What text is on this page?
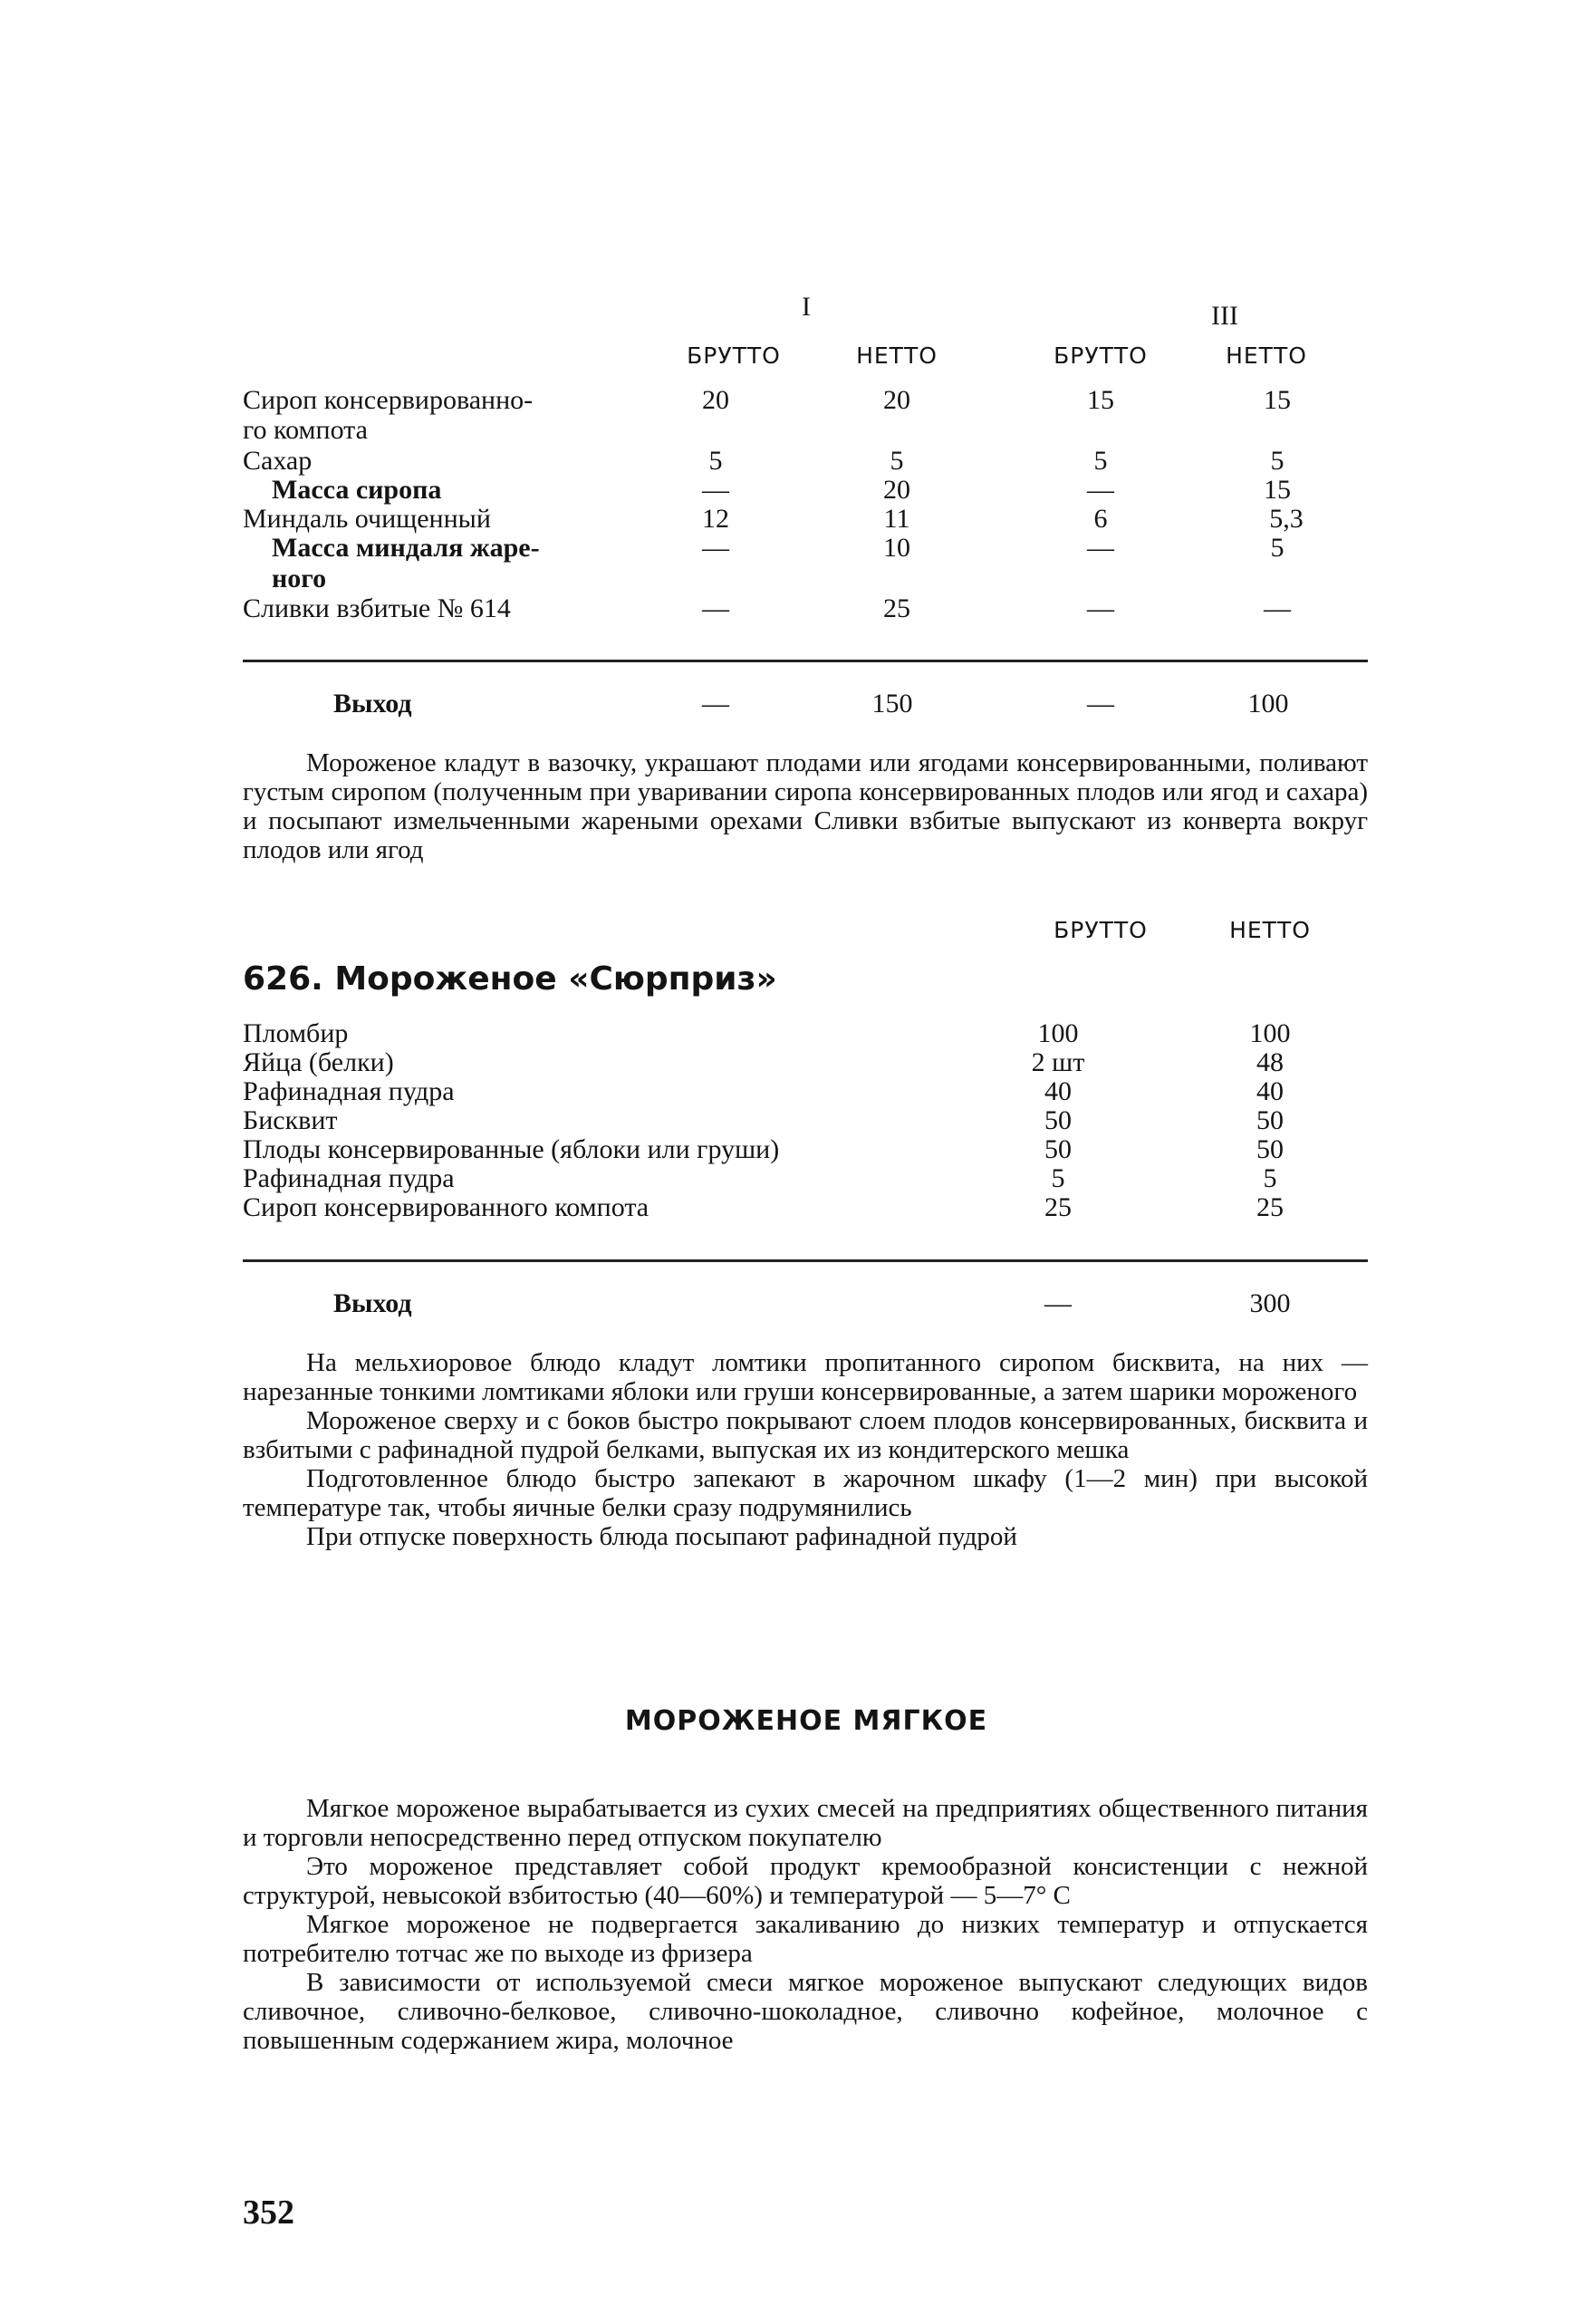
I	III
БРУТТО	НЕТТО	БРУТТО	НЕТТО
Сироп консервированно-
го компота
20	20	15	15
Сахар	5	5	5	5
Масса сиропа	—	20	—	15
Миндаль очищенный	12	11	6	5,3
Масса миндаля жаре-
ного
—	10	—	5
Сливки взбитые № 614	—	25	—	—
Выход	—	150	—	100

Мороженое кладут в вазочку, украшают плодами или ягодами консервированными, поливают густым сиропом (полученным при уваривании сиропа консервированных плодов или ягод и сахара) и посыпают измельченными жареными орехами Сливки взбитые выпускают из конверта вокруг плодов или ягод

БРУТТО	НЕТТО
626. Мороженое «Сюрприз»
Пломбир	100	100
Яйца (белки)	2 шт	48
Рафинадная пудра	40	40
Бисквит	50	50
Плоды консервированные (яблоки или груши)	50	50
Рафинадная пудра	5	5
Сироп консервированного компота	25	25
Выход	—	300

На мельхиоровое блюдо кладут ломтики пропитанного сиропом бисквита, на них — нарезанные тонкими ломтиками яблоки или груши консервированные, а затем шарики мороженого

Мороженое сверху и с боков быстро покрывают слоем плодов консервированных, бисквита и взбитыми с рафинадной пудрой белками, выпуская их из кондитерского мешка

Подготовленное блюдо быстро запекают в жарочном шкафу (1—2 мин) при высокой температуре так, чтобы яичные белки сразу подрумянились

При отпуске поверхность блюда посыпают рафинадной пудрой

МОРОЖЕНОЕ МЯГКОЕ

Мягкое мороженое вырабатывается из сухих смесей на предприятиях общественного питания и торговли непосредственно перед отпуском покупателю

Это мороженое представляет собой продукт кремообразной консистенции с нежной структурой, невысокой взбитостью (40—60%) и температурой — 5—7° С

Мягкое мороженое не подвергается закаливанию до низких температур и отпускается потребителю тотчас же по выходе из фризера

В зависимости от используемой смеси мягкое мороженое выпускают следующих видов сливочное, сливочно-белковое, сливочно-шоколадное, сливочно кофейное, молочное с повышенным содержанием жира, молочное

352
